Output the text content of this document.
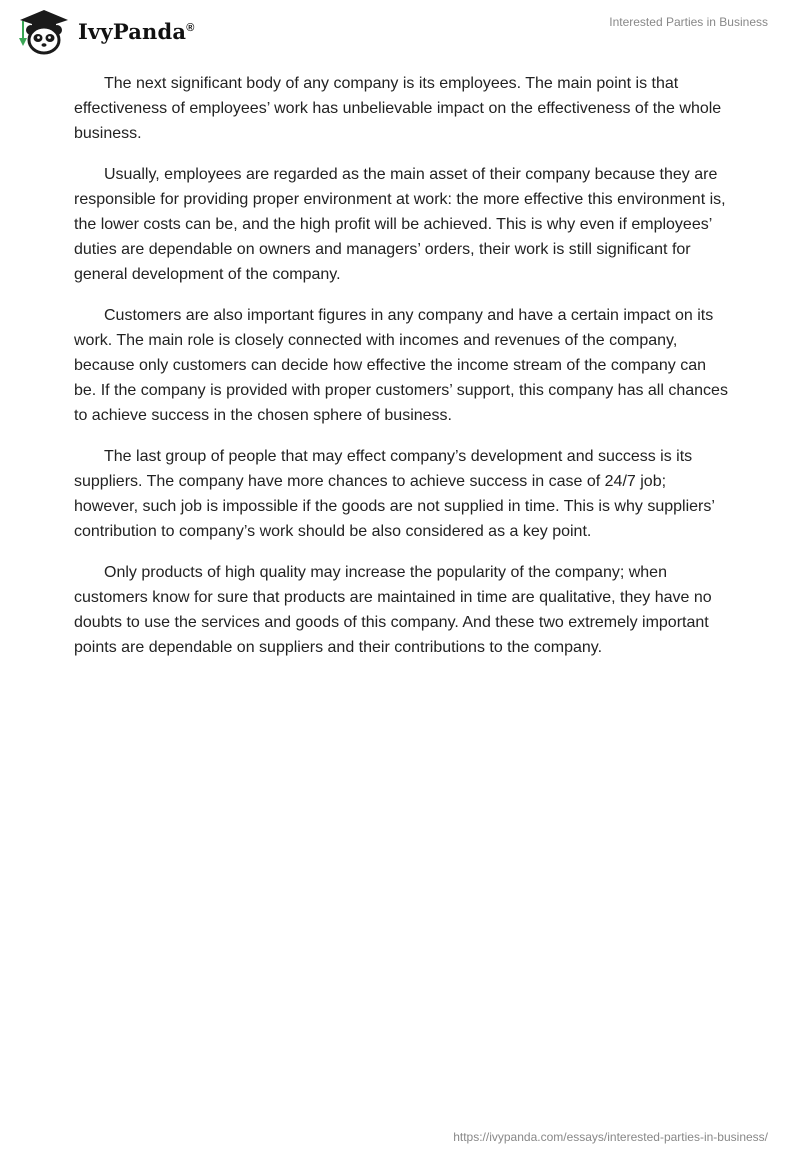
IvyPanda®	Interested Parties in Business

The next significant body of any company is its employees. The main point is that effectiveness of employees’ work has unbelievable impact on the effectiveness of the whole business.

Usually, employees are regarded as the main asset of their company because they are responsible for providing proper environment at work: the more effective this environment is, the lower costs can be, and the high profit will be achieved. This is why even if employees’ duties are dependable on owners and managers’ orders, their work is still significant for general development of the company.

Customers are also important figures in any company and have a certain impact on its work. The main role is closely connected with incomes and revenues of the company, because only customers can decide how effective the income stream of the company can be. If the company is provided with proper customers’ support, this company has all chances to achieve success in the chosen sphere of business.

The last group of people that may effect company’s development and success is its suppliers. The company have more chances to achieve success in case of 24/7 job; however, such job is impossible if the goods are not supplied in time. This is why suppliers’ contribution to company’s work should be also considered as a key point.

Only products of high quality may increase the popularity of the company; when customers know for sure that products are maintained in time are qualitative, they have no doubts to use the services and goods of this company. And these two extremely important points are dependable on suppliers and their contributions to the company.

https://ivypanda.com/essays/interested-parties-in-business/
